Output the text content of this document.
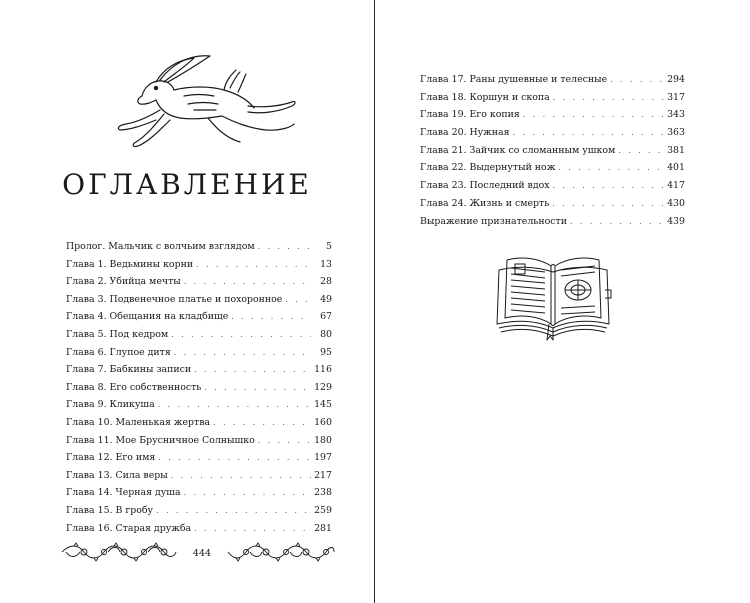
ОГЛАВЛЕНИЕ
Пролог. Мальчик с волчьим взглядом . . .	5
Глава 1. Ведьмины корни . . .	13
Глава 2. Убийца мечты . . .	28
Глава 3. Подвенечное платье и похоронное . . .	49
Глава 4. Обещания на кладбище . . .	67
Глава 5. Под кедром . . .	80
Глава 6. Глупое дитя . . .	95
Глава 7. Бабкины записи . . .	116
Глава 8. Его собственность . . .	129
Глава 9. Кликуша . . .	145
Глава 10. Маленькая жертва . . .	160
Глава 11. Мое Брусничное Солнышко . . .	180
Глава 12. Его имя . . .	197
Глава 13. Сила веры . . .	217
Глава 14. Черная душа . . .	238
Глава 15. В гробу . . .	259
Глава 16. Старая дружба . . .	281
444
Глава 17. Раны душевные и телесные . . .	294
Глава 18. Коршун и скопа . . .	317
Глава 19. Его копия . . .	343
Глава 20. Нужная . . .	363
Глава 21. Зайчик со сломанным ушком . . .	381
Глава 22. Выдернутый нож . . .	401
Глава 23. Последний вдох . . .	417
Глава 24. Жизнь и смерть . . .	430
Выражение признательности . . .	439
